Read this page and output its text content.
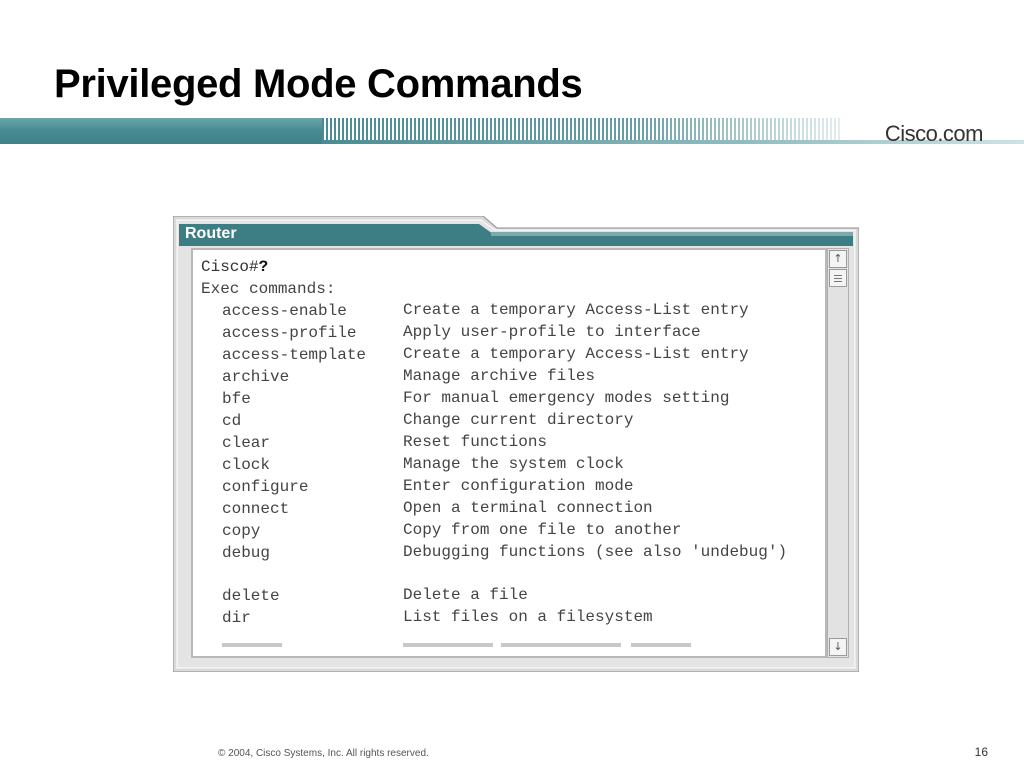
Privileged Mode Commands
Cisco.com
Router
Cisco#?
Exec commands:
access-enable	Create a temporary Access-List entry
access-profile	Apply user-profile to interface
access-template Create a temporary Access-List entry
archive	Manage archive files
bfe	For manual emergency modes setting
cd	Change current directory
clear	Reset functions
clock	Manage the system clock
configure	Enter configuration mode
connect	Open a terminal connection
copy	Copy from one file to another
debug	Debugging functions (see also 'undebug')
delete	Delete a file
dir	List files on a filesystem
↑
↓
© 2004, Cisco Systems, Inc. All rights reserved.	16
